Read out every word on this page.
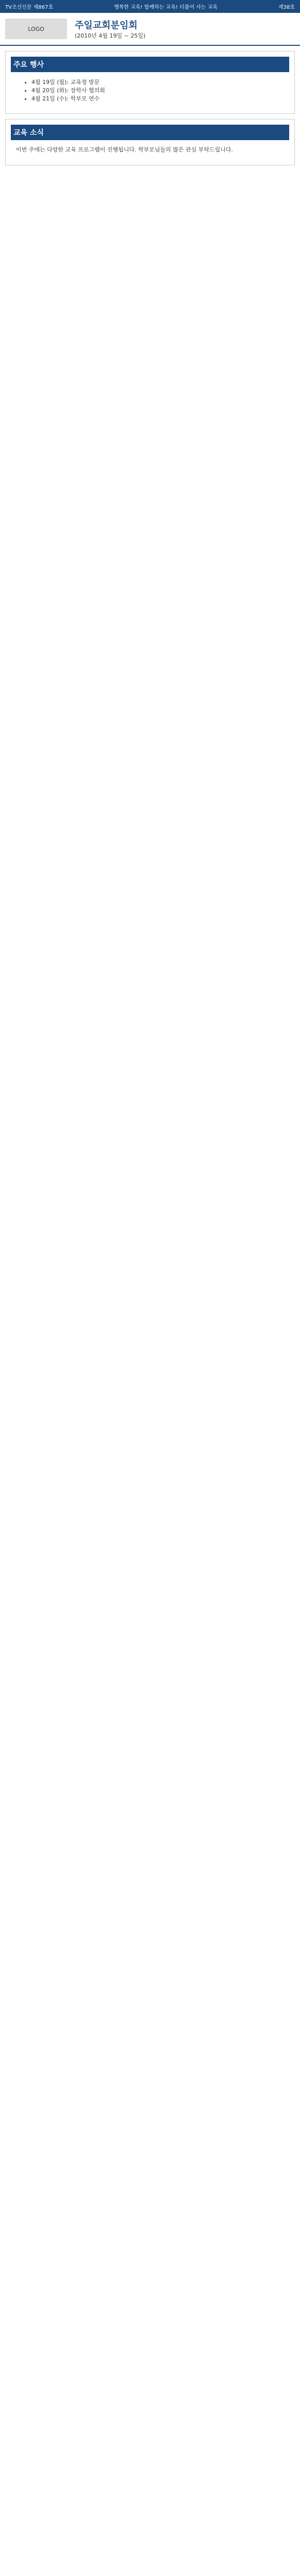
TV조선신문 제867호	행복한 교육! 함께하는 교육! 더불어 사는 교육	제38호
LOGO	주일교회분임회
(2010년 4월 19일 ~ 25일)
주요 행사
• 4월 19일 (월): 교육청 방문
• 4월 20일 (화): 장학사 협의회
• 4월 21일 (수): 학부모 연수
교육 소식

이번 주에는 다양한 교육 프로그램이 진행됩니다. 학부모님들의 많은 관심 부탁드립니다.
